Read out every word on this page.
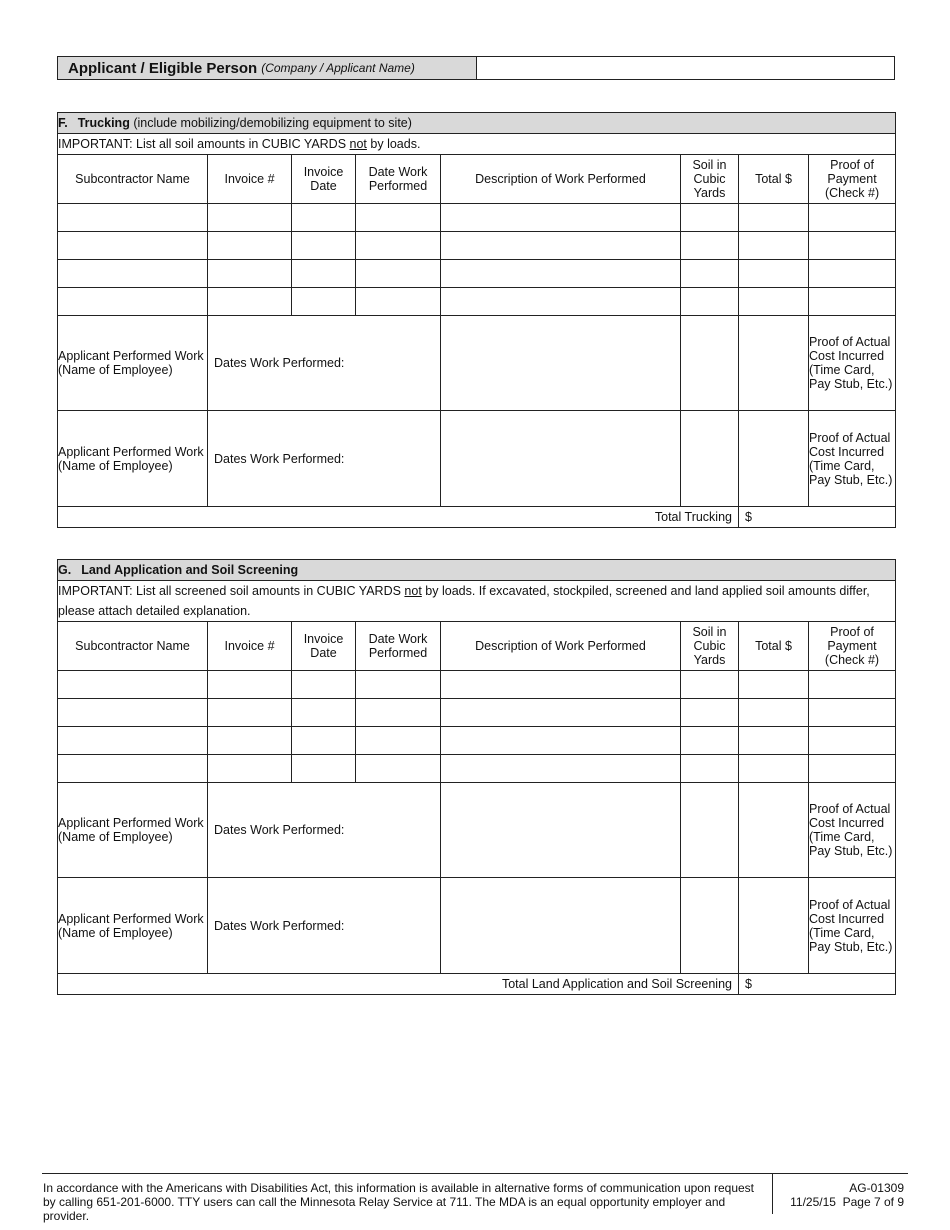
Applicant / Eligible Person (Company / Applicant Name)
F. Trucking (include mobilizing/demobilizing equipment to site)							
IMPORTANT: List all soil amounts in CUBIC YARDS not by loads.							
Subcontractor Name	Invoice #	Invoice Date	Date Work Performed	Description of Work Performed	Soil in Cubic Yards	Total $	Proof of Payment (Check #)

Applicant Performed Work (Name of Employee)	Dates Work Performed:						Proof of Actual Cost Incurred (Time Card, Pay Stub, Etc.)
Applicant Performed Work (Name of Employee)	Dates Work Performed:						Proof of Actual Cost Incurred (Time Card, Pay Stub, Etc.)
Total Trucking						$	
G. Land Application and Soil Screening							
IMPORTANT: List all screened soil amounts in CUBIC YARDS not by loads. If excavated, stockpiled, screened and land applied soil amounts differ, please attach detailed explanation.							
Subcontractor Name	Invoice #	Invoice Date	Date Work Performed	Description of Work Performed	Soil in Cubic Yards	Total $	Proof of Payment (Check #)

Applicant Performed Work (Name of Employee)	Dates Work Performed:						Proof of Actual Cost Incurred (Time Card, Pay Stub, Etc.)
Applicant Performed Work (Name of Employee)	Dates Work Performed:						Proof of Actual Cost Incurred (Time Card, Pay Stub, Etc.)
Total Land Application and Soil Screening						$	
In accordance with the Americans with Disabilities Act, this information is available in alternative forms of communication upon request by calling 651-201-6000. TTY users can call the Minnesota Relay Service at 711. The MDA is an equal opportunity employer and provider.
AG-01309
11/25/15  Page 7 of 9
